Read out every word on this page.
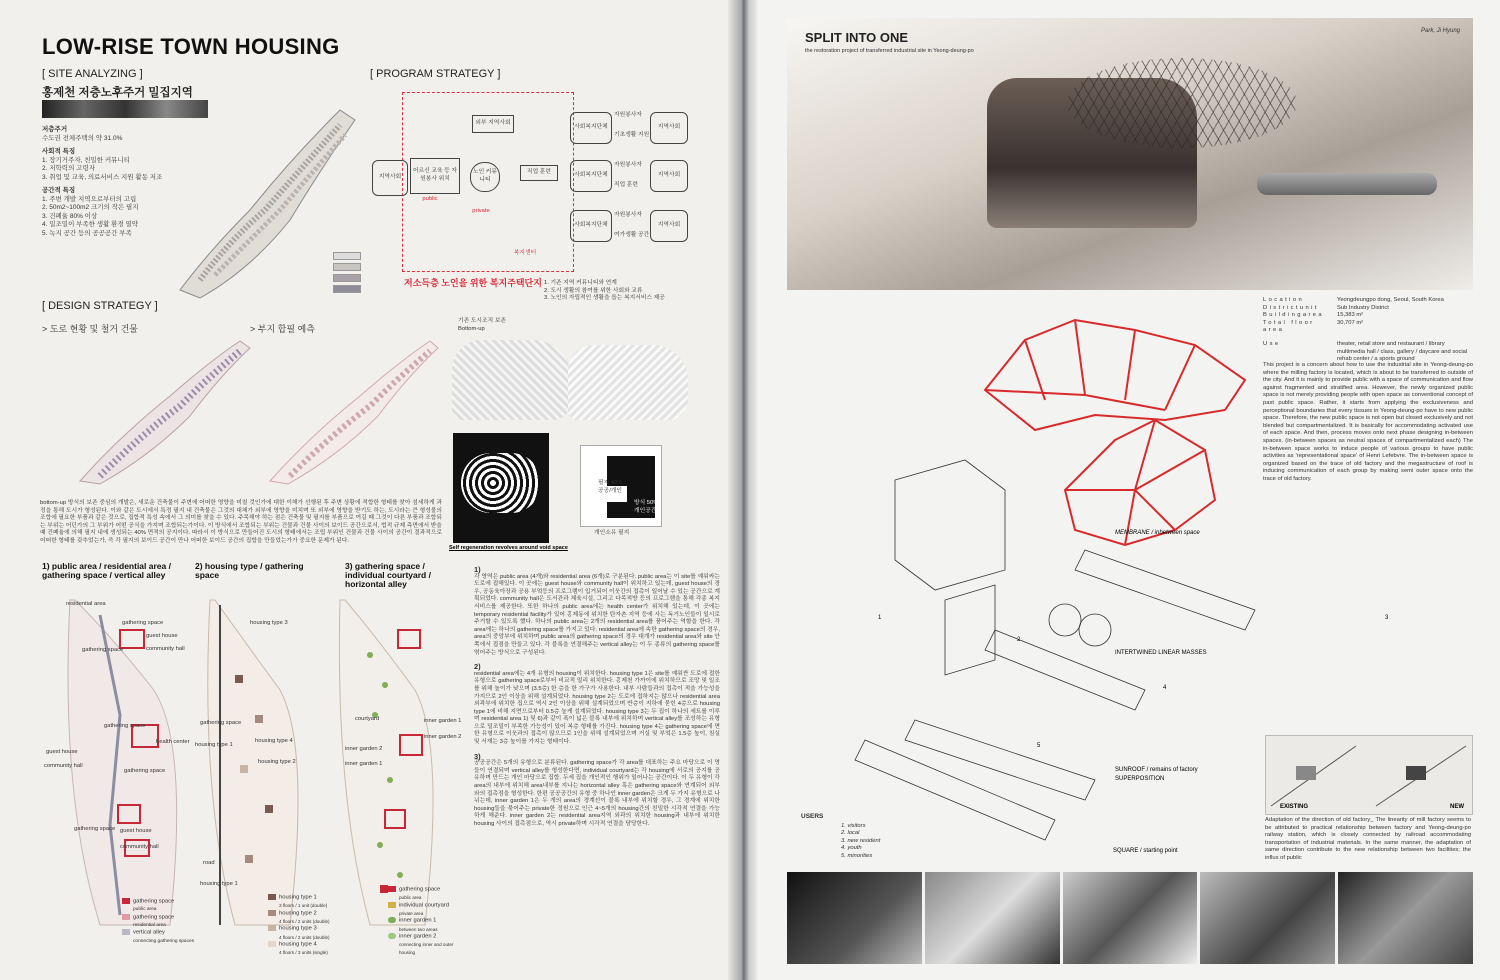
LOW-RISE TOWN HOUSING
[ SITE ANALYZING ]
홍제천 저층노후주거 밀집지역
저층주거
수도권 전체주택의 약 31.0%
사회적 특징
1. 장기거주자, 친밀한 커뮤니티
2. 저학력의 고령자
3. 취업 및 교육, 의료서비스 지원 활동 저조
공간적 특징
1. 주변 개발 지역으로부터의 고립
2. 50m2~100m2 크기의 작은 필지
3. 건폐율 80% 이상
4. 밀조밀이 부족한 생활 환경 열약
5. 녹지 공간 등의 공공공간 부족
[ PROGRAM STRATEGY ]
지역사회
어르신 교육 등 자원봉사 위치
외부 지역사회
노인 커뮤니티
직업 훈련
public
private
복지센터
사회복지단체
사회복지단체
사회복지단체
자원봉사자
기초생활 지원
자원봉사자
직업 훈련
자원봉사자
여가생활 공간
지역사회
지역사회
지역사회
저소득층 노인을 위한 복지주택단지 1. 기존 지역 커뮤니티와 연계
2. 도시 생활의 참여를 위한 사회와 교류
3. 노인의 자립적인 생활을 돕는 복지서비스 제공
[ DESIGN STRATEGY ]
> 도로 현황 및 철거 건물	> 부지 합필 예측
기존 도시조직 보존
Bottom-up
Self regeneration revolves around void space
필지 40% 공공/개인
방식 50% 개인공간
개인소유 필지
bottom-up 방식의 보존 중심의 개발은, 새로운 건축물이 주변에 어떠한 영향을 미칠 것인가에 대한 이해가 선행된 후 주변 상황에 적합한 형태를 찾아 섬세하게 과정을 통해 도시가 형성된다. 이와 같은 도시에서 특정 필지 내 건축물은 그것의 대체가 외부에 영향을 미치며 또 외부에 영향을 받기도 하는, 도시라는 큰 형성물의 조합에 필요한 부품과 같은 것으로, 집합적 특성 속에서 그 의미를 찾을 수 있다. 주목해야 하는 점은 건축물 및 필지를 부품으로 여길 때 그것이 다른 부품과 조합되는 부위는 어딘가의 그 부위가 어떤 공식을 가지며 조합되는가이다. 이 방식에서 조합되는 부위는 건물과 건물 사이의 보이드 공간으로서, 법적 규제 측면에서 받을 때 건폐율에 의해 필지 내에 생성되는 40% 면적의 공지이다. 따라서 이 방식으로 만들어진 도시의 형태에서는 조립 부위인 건물과 건물 사이의 공간이 결과적으로 어떠한 형태를 갖추었는가, 즉 각 필지의 보이드 공간이 만나 어떠한 보이드 공간의 집합을 만들었는가가 중요한 문제가 된다.
1) public area / residential area / gathering space / vertical alley
2) housing type / gathering space
3) gathering space / individual courtyard / horizontal alley
residential area
gathering space
guest house
community hall
gathering space
gathering space
health center
guest house
community hall
gathering space
gathering space guest house
community hall
housing type 3
gathering space
housing type 1
housing type 2
housing type 4
road
housing type 1
courtyard	inner garden 1
inner garden 2
inner garden 2
inner garden 1
gathering space
public area
gathering space
residential area
vertical alley
connecting gathering spaces
housing type 1
3 floors / 1 unit (double)
housing type 2
4 floors / 2 units (double)
housing type 3
4 floors / 2 units (double)
housing type 4
4 floors / 3 units (single)
gathering space
public area
individual courtyard
private area
inner garden 1
between two areas
inner garden 2
connecting inner and outer housing
1)
각 영역은 public area (4개)와 residential area (6개)로 구분된다. public area는 이 site를 예워싸는 도로에 접해있다. 이 곳에는 guest house와 community hall이 위치하고 있는데, guest house의 경우, 공동육아장과 공용 부엌등의 프로그램이 입거되어 이웃간의 접촉이 일어날 수 있는 공간으로 계획되었다. community hall은 도서관과 체육시설, 그리고 다목적방 등의 프로그램을 통해 각종 복지 서비스를 제공한다. 또한 하나의 public area에는 health center가 위치해 있는데, 이 곳에는 temporary residential facility가 있어 홍제동에 위치한 탄자촌 지역 등에 사는 독거노인들이 일시로 주거할 수 있도록 했다. 하나의 public area는 2개의 residential area를 품어주는 역할을 한다. 각 area에는 하나의 gathering space를 가지고 있다. residential area에 속한 gathering space의 경우, area의 중앙부에 위치하며 public area의 gathering space의 경우 대개가 residential area와 site 안쪽에서 접점을 만들고 있다. 각 블록을 연결해주는 vertical alley는 이 두 종류의 gathering space를 엮어주는 방식으로 구성된다.
2)
residential area에는 4개 유형의 housing이 위치한다. housing type 1은 site를 예워싼 도로에 접한 유형으로 gathering space로부터 비교적 멀리 위치한다. 홍제천 가까이에 위치하므로 조망 및 일조를 위해 높이가 낮으며 (3.5층) 한 층을 한 가구가 사용한다. 내부 사람들과의 접촉이 적을 가능성을 가지므로 2인 이상을 위해 설계되었다. housing type 2는 도로에 접하지는 않으나 residential area 외곽부에 위치한 집으로 역시 2인 이상을 위해 설계되었으며 반층이 지하에 묻힌 4층으로 housing type 1에 비해 지면으로부터 0.5층 높게 설계되었다. housing type 3는 두 집이 하나의 세트를 이루며 residential area 1) 및 6)과 같이 폭이 넓은 블록 내부에 위치하며 vertical alley를 조성하는 유형으로 밀조밀이 부족한 가능성이 있어 복층 형태를 가진다. housing type 4는 gathering space에 면한 유형으로 이웃과의 접촉이 많으므로 1인을 위해 설계되었으며 거실 및 부엌은 1.5층 높이, 침실 및 서재는 3층 높이를 가지는 형태이다.
3)
공공공간은 5개의 유형으로 분류된다. gathering space가 각 area를 대표하는 주요 마당으로 이 영들이 연결되며 vertical alley를 형성한다면, individual courtyard는 각 housing에 서로의 공지를 공유하며 만드는 개인 마당으로 집합. 두세 집을 개인적인 행위가 일어나는 공간이다. 이 두 유형이 각 area의 내부에 위치해 area내부를 지나는 horizontal alley 혹은 gathering space와 연계되어 외부와의 접촉점을 형성한다. 한편 공공공간의 유형 중 하나인 inner garden은 크게 두 가지 유형으로 나뉘는데, inner garden 1은 두 개의 area의 경계선이 블록 내부에 위치할 경우, 그 경계에 위치한 housing들을 묶어주는 private한 정원으로 인근 4~5개의 housing간의 친밀한 시각적 연결을 가능하게 해준다. inner garden 2는 residential area지역 외곽의 위치한 housing과 내부에 위치한 housing 사이의 접촉점으로, 역시 private하며 시각적 연결을 담당한다.
SPLIT INTO ONE
the restoration project of transferred industrial site in Yeong-deung-po
Park, Ji Hyung
Location	Yeongdeungpo dong, Seoul, South Korea
Districtunit	Sub Industry District
Buildingarea	15,383 m²
Total floor area
30,707 m²
Use	theater, retail store and restaurant / library multimedia hall / class, gallery / daycare and social rehab center / a sports ground
This project is a concern about how to use the industrial site in Yeong-deung-po where the milling factory is located, which is about to be transferred to outside of the city. And it is mainly to provide public with a space of communication and flow against fragmented and stratified area. However, the newly organized public space is not merely providing people with open space as conventional concept of past public space. Rather, it starts from applying the exclusiveness and perceptional boundaries that every tissues in Yeong-deung-po have to new public space. Therefore, the new public space is not open but closed exclusively and not blended but compartmentalized. It is basically for accommodating activated use of each space. And then, process moves onto next phase designing in-between spaces. (in-between spaces as neutral spaces of compartmentalized each) The in-between space works to induce people of various groups to have public activities as 'representational space' of Henri Lefebvre. The in-between space is organized based on the trace of old factory and the megastructure of roof is inducing communication of each group by making semi outer space onto the trace of old factory.
MEMBRANE / inbetween space
INTERTWINED LINEAR MASSES
SUNROOF / remains of factory
SUPERPOSITION
SQUARE / starting point
1
2
3
4
5
USERS
1. visitors
2. local
3. new resident
4. youth
5. minorities
EXISTING	NEW
Adaptation of the direction of old factory_ The linearity of mill factory seems to be attributed to practical relationship between factory and Yeong-deung-po railway station, which is closely connected by railroad accommodating transportation of industrial materials. In the same manner, the adaptation of same direction contribute to the new relationship between two facilities; the influx of public
